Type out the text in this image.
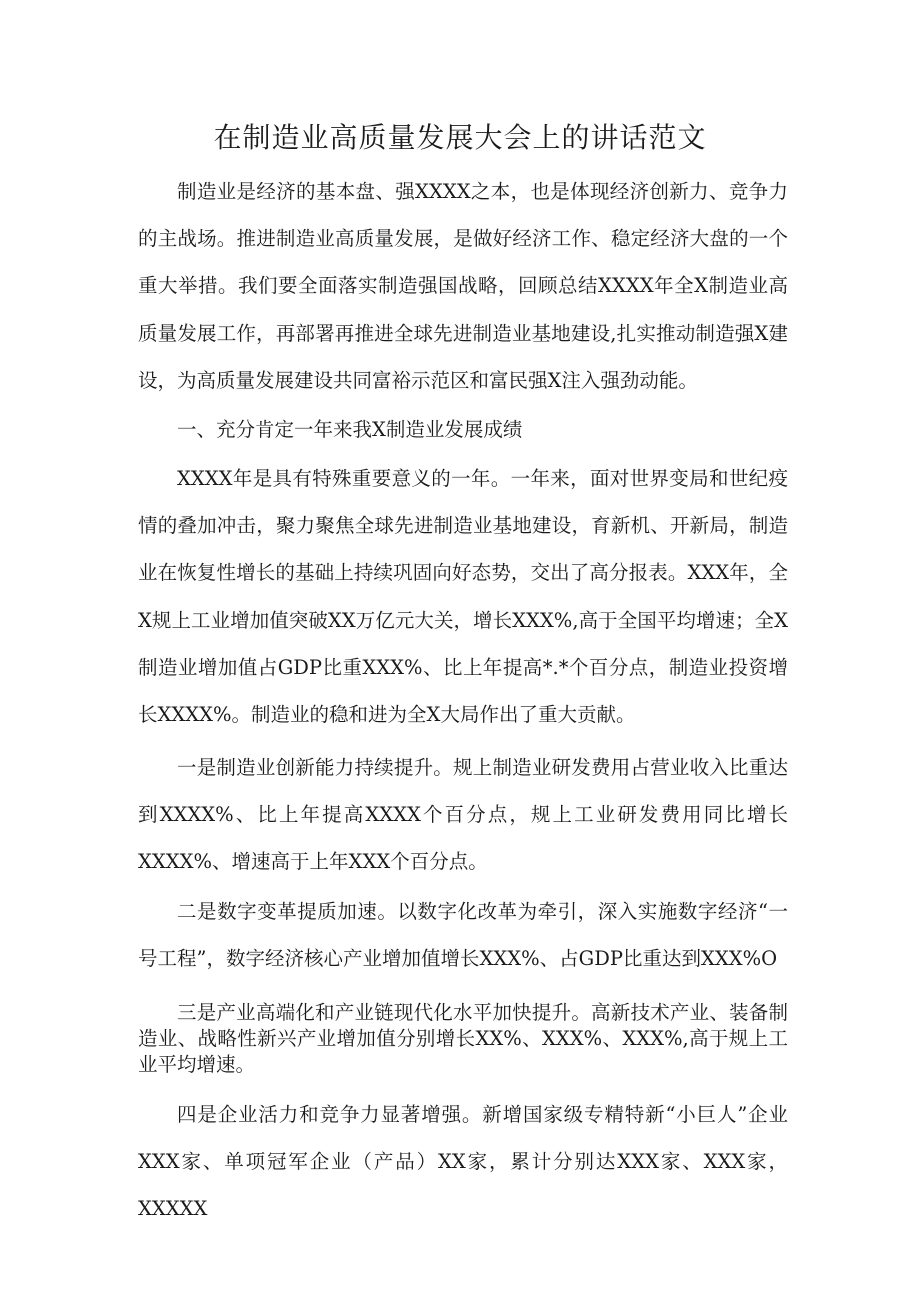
在制造业高质量发展大会上的讲话范文

制造业是经济的基本盘、强XXXX之本，也是体现经济创新力、竞争力的主战场。推进制造业高质量发展，是做好经济工作、稳定经济大盘的一个重大举措。我们要全面落实制造强国战略，回顾总结XXXX年全X制造业高质量发展工作，再部署再推进全球先进制造业基地建设,扎实推动制造强X建设，为高质量发展建设共同富裕示范区和富民强X注入强劲动能。

一、充分肯定一年来我X制造业发展成绩

XXXX年是具有特殊重要意义的一年。一年来，面对世界变局和世纪疫情的叠加冲击，聚力聚焦全球先进制造业基地建设，育新机、开新局，制造业在恢复性增长的基础上持续巩固向好态势，交出了高分报表。XXX年，全X规上工业增加值突破XX万亿元大关，增长XXX%,高于全国平均增速；全X制造业增加值占GDP比重XXX%、比上年提高*.*个百分点，制造业投资增长XXXX%。制造业的稳和进为全X大局作出了重大贡献。

一是制造业创新能力持续提升。规上制造业研发费用占营业收入比重达到XXXX%、比上年提高XXXX个百分点，规上工业研发费用同比增长XXXX%、增速高于上年XXX个百分点。

二是数字变革提质加速。以数字化改革为牵引，深入实施数字经济“一号工程”，数字经济核心产业增加值增长XXX%、占GDP比重达到XXX%O

三是产业高端化和产业链现代化水平加快提升。高新技术产业、装备制造业、战略性新兴产业增加值分别增长XX%、XXX%、XXX%,高于规上工业平均增速。

四是企业活力和竞争力显著增强。新增国家级专精特新“小巨人”企业XXX家、单项冠军企业（产品）XX家，累计分别达XXX家、XXX家，XXXXX
